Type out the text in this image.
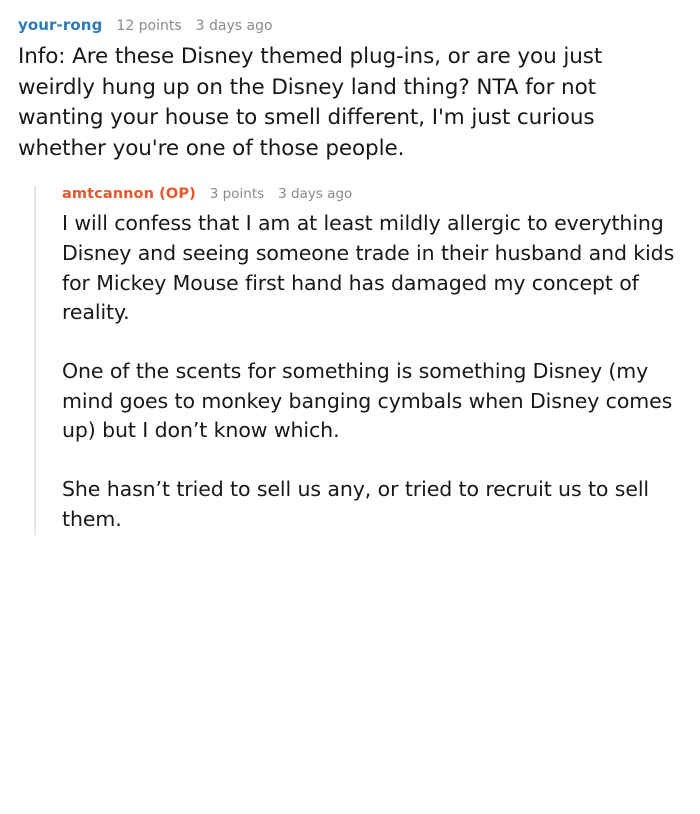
your-rong 12 points 3 days ago

Info: Are these Disney themed plug-ins, or are you just weirdly hung up on the Disney land thing? NTA for not wanting your house to smell different, I'm just curious whether you're one of those people.

amtcannon (OP) 3 points 3 days ago

I will confess that I am at least mildly allergic to everything Disney and seeing someone trade in their husband and kids for Mickey Mouse first hand has damaged my concept of reality.

One of the scents for something is something Disney (my mind goes to monkey banging cymbals when Disney comes up) but I don’t know which.

She hasn’t tried to sell us any, or tried to recruit us to sell them.
